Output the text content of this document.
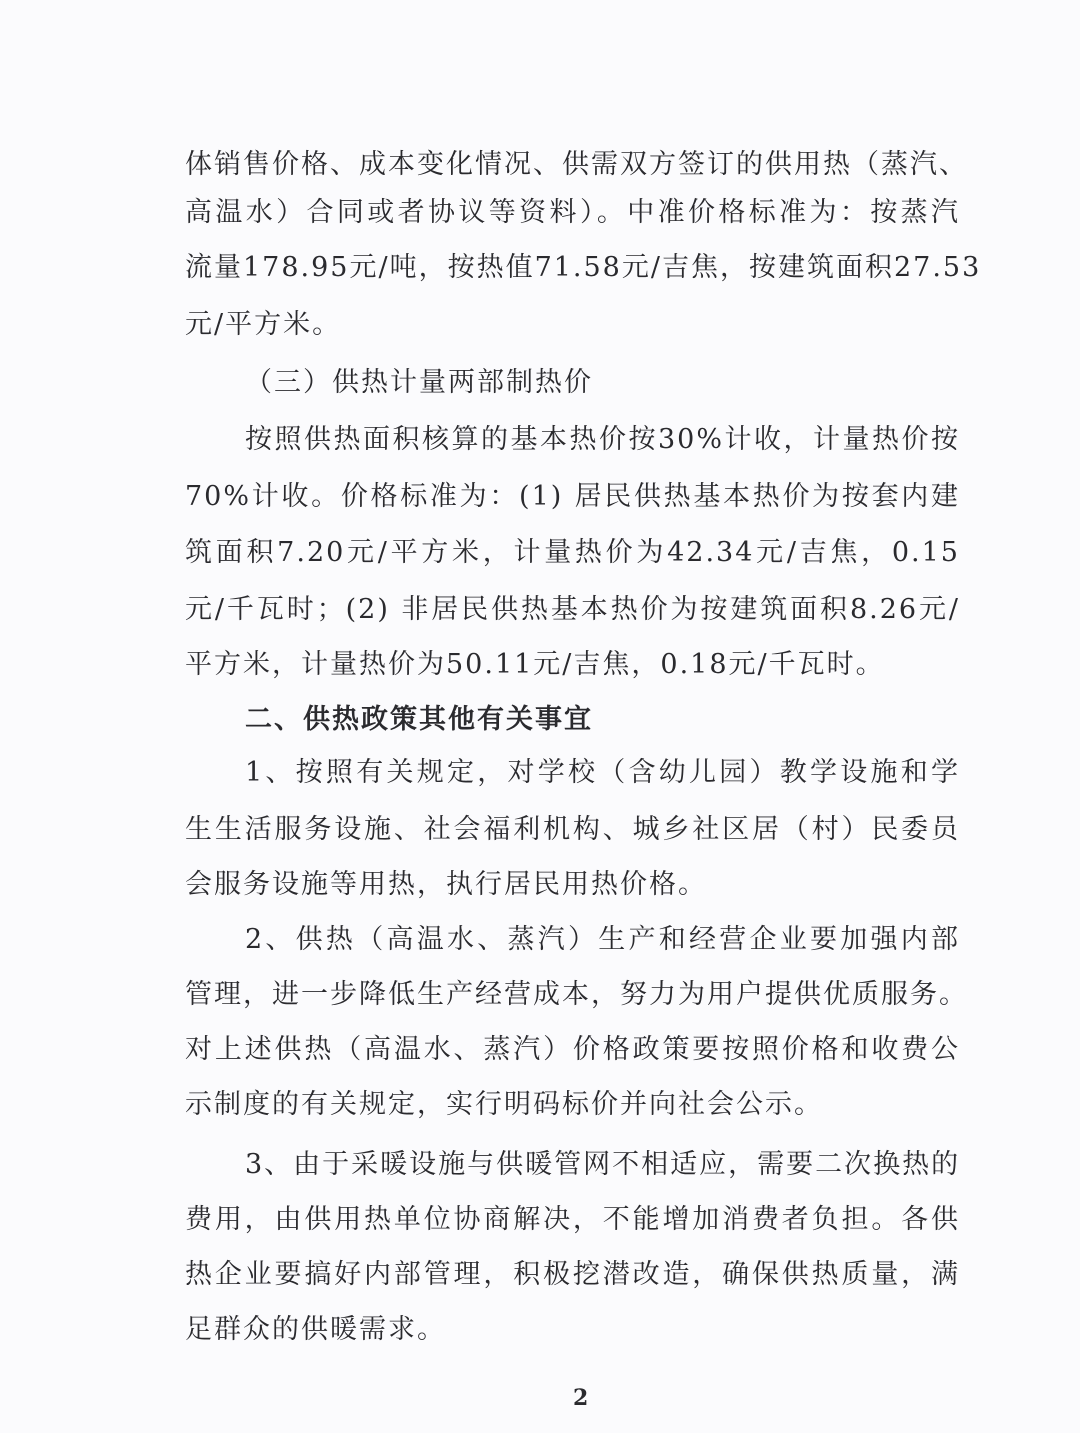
体销售价格、成本变化情况、供需双方签订的供用热（蒸汽、
高温水）合同或者协议等资料）。中准价格标准为：按蒸汽
流量178.95元/吨，按热值71.58元/吉焦，按建筑面积27.53
元/平方米。
（三）供热计量两部制热价
按照供热面积核算的基本热价按30%计收，计量热价按
70%计收。价格标准为：(1) 居民供热基本热价为按套内建
筑面积7.20元/平方米，计量热价为42.34元/吉焦，0.15
元/千瓦时；(2) 非居民供热基本热价为按建筑面积8.26元/
平方米，计量热价为50.11元/吉焦，0.18元/千瓦时。
二、供热政策其他有关事宜
1、按照有关规定，对学校（含幼儿园）教学设施和学
生生活服务设施、社会福利机构、城乡社区居（村）民委员
会服务设施等用热，执行居民用热价格。
2、供热（高温水、蒸汽）生产和经营企业要加强内部
管理，进一步降低生产经营成本，努力为用户提供优质服务。
对上述供热（高温水、蒸汽）价格政策要按照价格和收费公
示制度的有关规定，实行明码标价并向社会公示。
3、由于采暖设施与供暖管网不相适应，需要二次换热的
费用，由供用热单位协商解决，不能增加消费者负担。各供
热企业要搞好内部管理，积极挖潜改造，确保供热质量，满
足群众的供暖需求。
2
